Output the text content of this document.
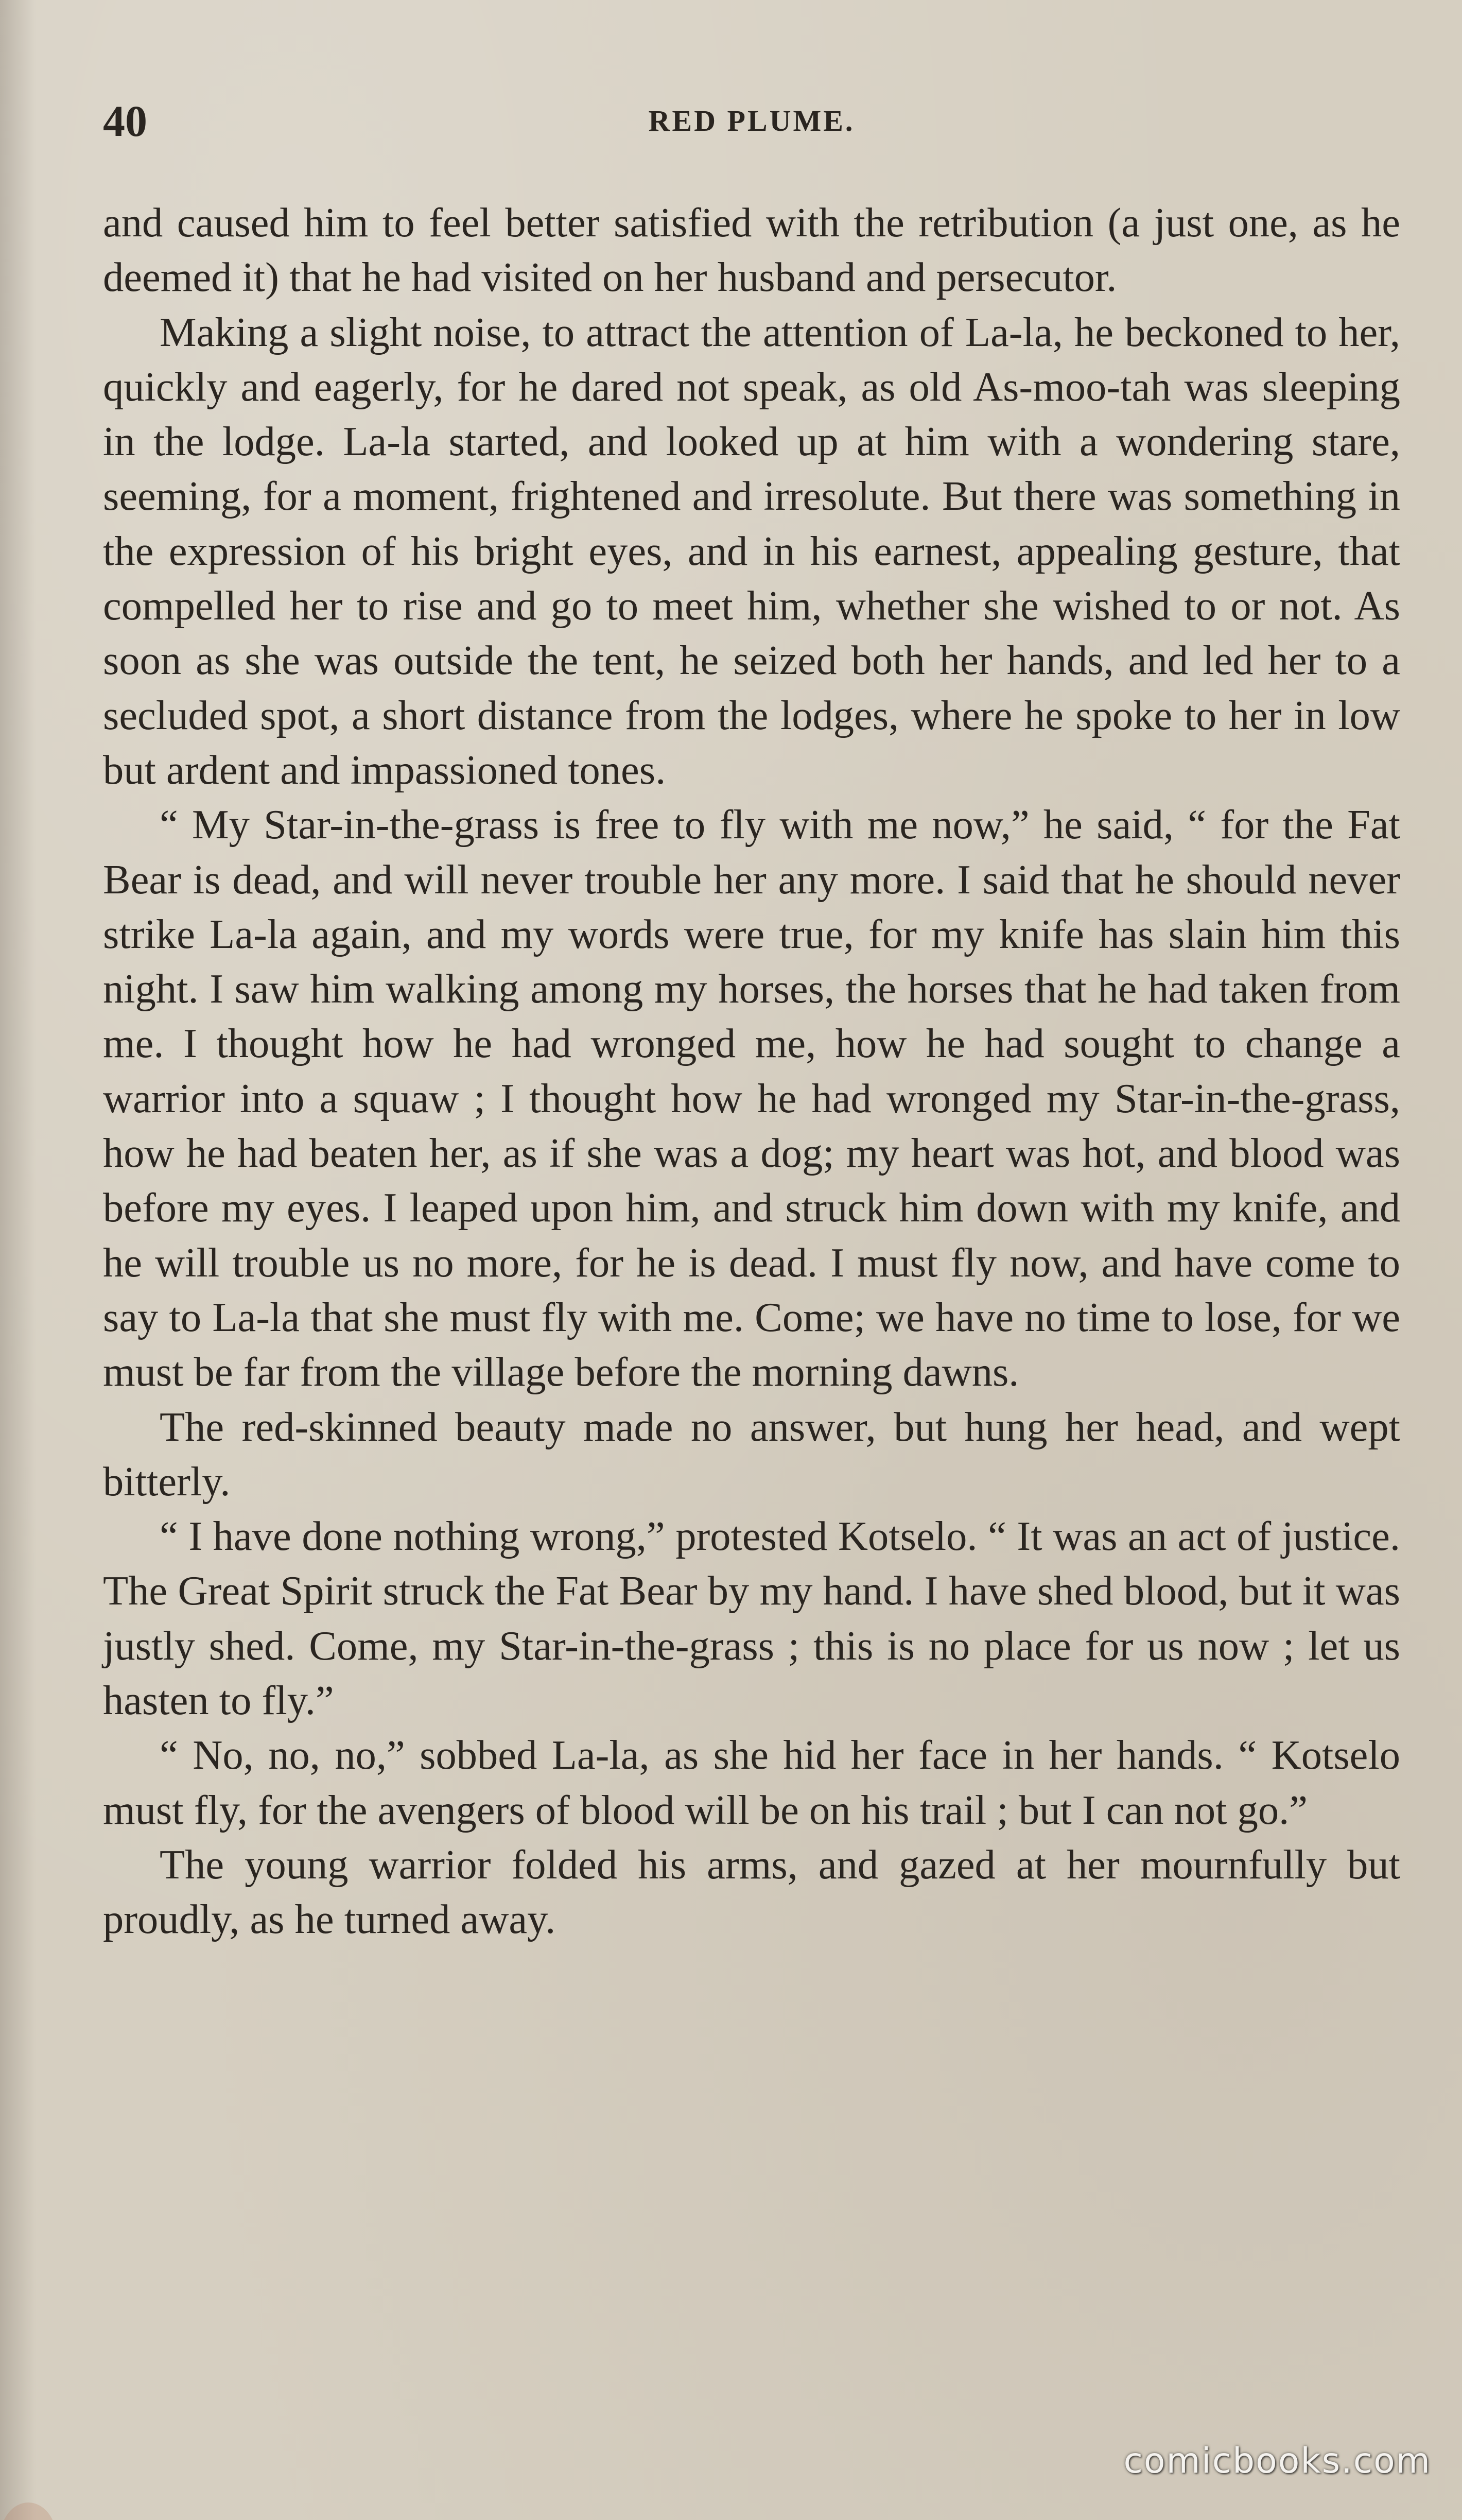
40	RED PLUME.

and caused him to feel better satisfied with the retribution (a just one, as he deemed it) that he had visited on her husband and persecutor.

Making a slight noise, to attract the attention of La-la, he beckoned to her, quickly and eagerly, for he dared not speak, as old As-moo-tah was sleeping in the lodge. La-la started, and looked up at him with a wondering stare, seeming, for a moment, frightened and irresolute. But there was something in the expression of his bright eyes, and in his earnest, appealing gesture, that compelled her to rise and go to meet him, whether she wished to or not. As soon as she was outside the tent, he seized both her hands, and led her to a secluded spot, a short distance from the lodges, where he spoke to her in low but ardent and impassioned tones.

“ My Star-in-the-grass is free to fly with me now,” he said, “ for the Fat Bear is dead, and will never trouble her any more. I said that he should never strike La-la again, and my words were true, for my knife has slain him this night. I saw him walking among my horses, the horses that he had taken from me. I thought how he had wronged me, how he had sought to change a warrior into a squaw ; I thought how he had wronged my Star-in-the-grass, how he had beaten her, as if she was a dog; my heart was hot, and blood was before my eyes. I leaped upon him, and struck him down with my knife, and he will trouble us no more, for he is dead. I must fly now, and have come to say to La-la that she must fly with me. Come; we have no time to lose, for we must be far from the village before the morning dawns.

The red-skinned beauty made no answer, but hung her head, and wept bitterly.

“ I have done nothing wrong,” protested Kotselo. “ It was an act of justice. The Great Spirit struck the Fat Bear by my hand. I have shed blood, but it was justly shed. Come, my Star-in-the-grass ; this is no place for us now ; let us hasten to fly.”

“ No, no, no,” sobbed La-la, as she hid her face in her hands. “ Kotselo must fly, for the avengers of blood will be on his trail ; but I can not go.”

The young warrior folded his arms, and gazed at her mournfully but proudly, as he turned away.

comicbooks.com
